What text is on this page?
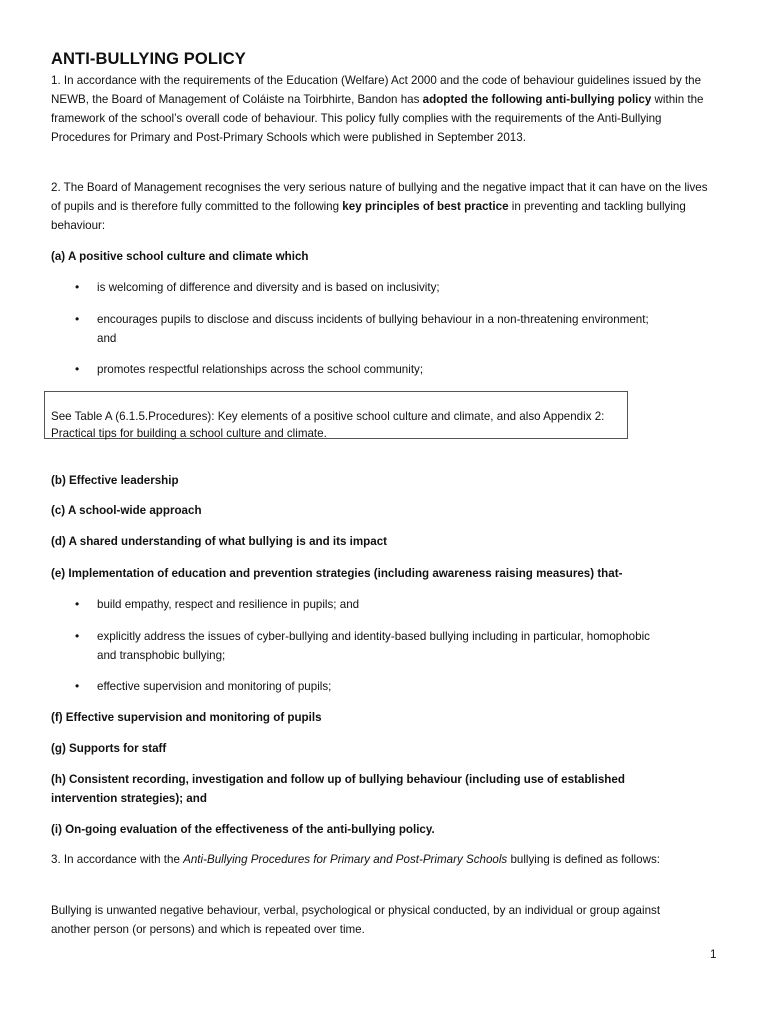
ANTI-BULLYING POLICY
1. In accordance with the requirements of the Education (Welfare) Act 2000 and the code of behaviour guidelines issued by the NEWB, the Board of Management of Coláiste na Toirbhirte, Bandon has adopted the following anti-bullying policy within the framework of the school’s overall code of behaviour. This policy fully complies with the requirements of the Anti-Bullying Procedures for Primary and Post-Primary Schools which were published in September 2013.
2. The Board of Management recognises the very serious nature of bullying and the negative impact that it can have on the lives of pupils and is therefore fully committed to the following key principles of best practice in preventing and tackling bullying behaviour:
(a) A positive school culture and climate which
• is welcoming of difference and diversity and is based on inclusivity;
• encourages pupils to disclose and discuss incidents of bullying behaviour in a non-threatening environment; and
• promotes respectful relationships across the school community;
See Table A (6.1.5.Procedures): Key elements of a positive school culture and climate, and also Appendix 2: Practical tips for building a school culture and climate.
(b) Effective leadership
(c) A school-wide approach
(d) A shared understanding of what bullying is and its impact
(e) Implementation of education and prevention strategies (including awareness raising measures) that-
• build empathy, respect and resilience in pupils; and
• explicitly address the issues of cyber-bullying and identity-based bullying including in particular, homophobic and transphobic bullying;
• effective supervision and monitoring of pupils;
(f) Effective supervision and monitoring of pupils
(g) Supports for staff
(h) Consistent recording, investigation and follow up of bullying behaviour (including use of established intervention strategies); and
(i) On-going evaluation of the effectiveness of the anti-bullying policy.
3. In accordance with the Anti-Bullying Procedures for Primary and Post-Primary Schools bullying is defined as follows:
Bullying is unwanted negative behaviour, verbal, psychological or physical conducted, by an individual or group against another person (or persons) and which is repeated over time.
1
